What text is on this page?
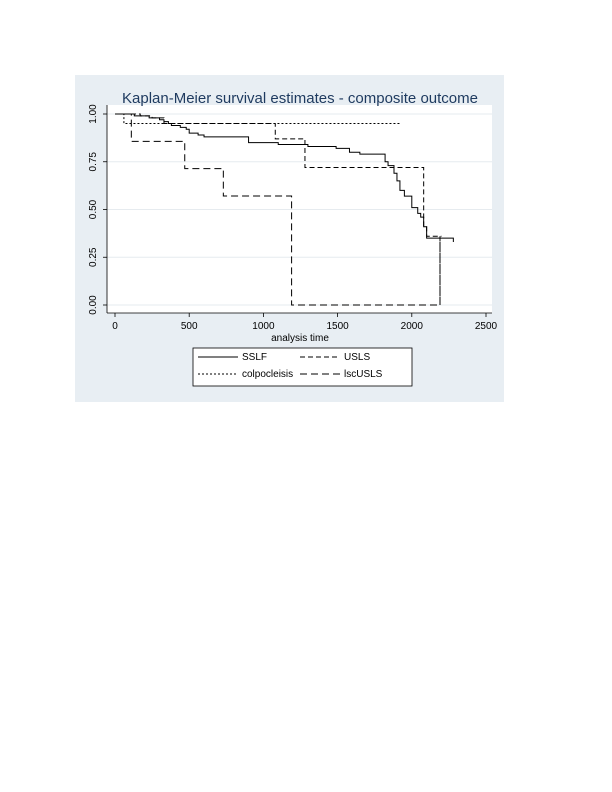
Kaplan-Meier survival estimates - composite outcome
0.00
0.25
0.50
0.75
1.00
0	500	1000	1500	2000	2500
analysis time
SSLF	USLS
colpocleisis	lscUSLS
